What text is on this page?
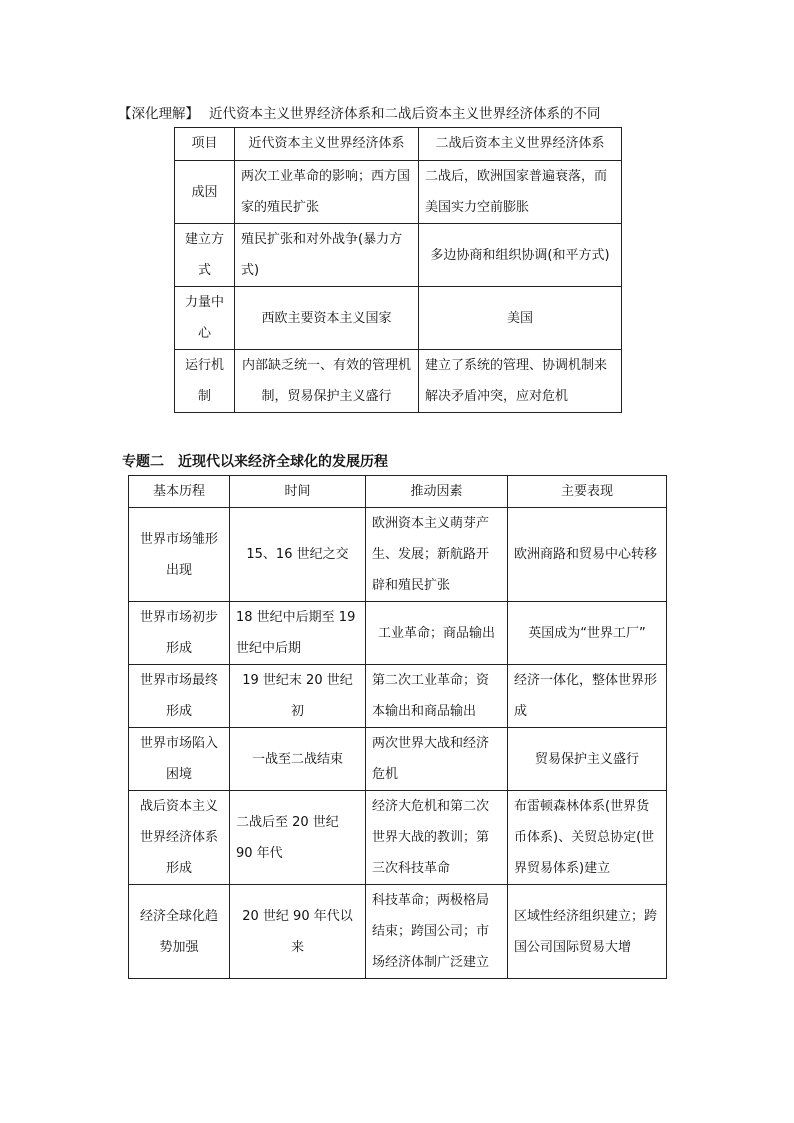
【深化理解】 近代资本主义世界经济体系和二战后资本主义世界经济体系的不同
项目	近代资本主义世界经济体系	二战后资本主义世界经济体系
成因	两次工业革命的影响；西方国家的殖民扩张	二战后，欧洲国家普遍衰落，而美国实力空前膨胀
建立方式	殖民扩张和对外战争(暴力方式)	多边协商和组织协调(和平方式)
力量中心	西欧主要资本主义国家	美国
运行机制	内部缺乏统一、有效的管理机制，贸易保护主义盛行	建立了系统的管理、协调机制来解决矛盾冲突，应对危机
专题二 近现代以来经济全球化的发展历程
基本历程	时间	推动因素	主要表现
世界市场雏形出现	15、16 世纪之交	欧洲资本主义萌芽产生、发展；新航路开辟和殖民扩张	欧洲商路和贸易中心转移
世界市场初步形成	18 世纪中后期至 19 世纪中后期	工业革命；商品输出	英国成为“世界工厂”
世界市场最终形成	19 世纪末 20 世纪初	第二次工业革命；资本输出和商品输出	经济一体化，整体世界形成
世界市场陷入困境	一战至二战结束	两次世界大战和经济危机	贸易保护主义盛行
战后资本主义世界经济体系形成	二战后至 20 世纪 90 年代	经济大危机和第二次世界大战的教训；第三次科技革命	布雷顿森林体系(世界货币体系)、关贸总协定(世界贸易体系)建立
经济全球化趋势加强	20 世纪 90 年代以来	科技革命；两极格局结束；跨国公司；市场经济体制广泛建立	区域性经济组织建立；跨国公司国际贸易大增
